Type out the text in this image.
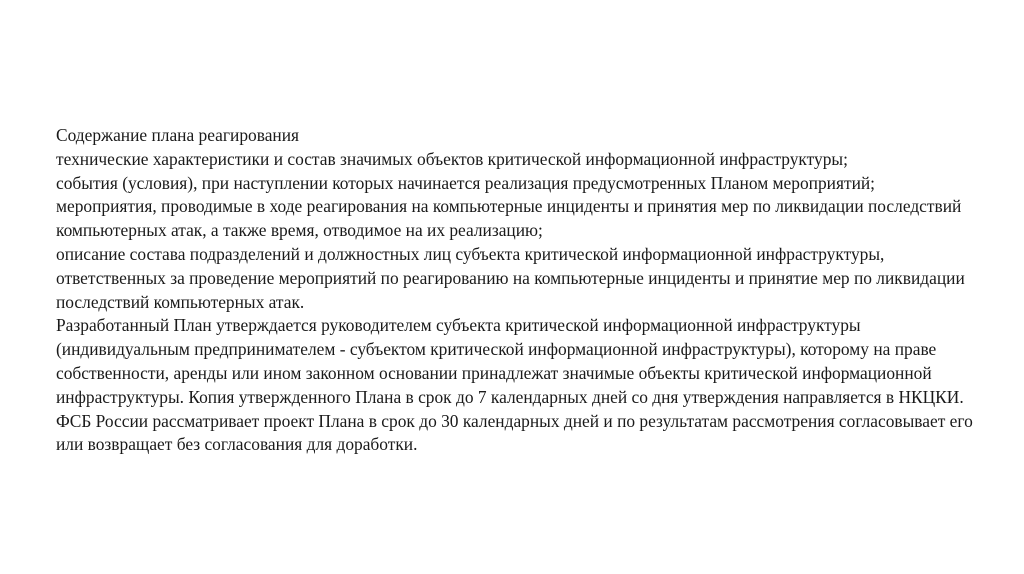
Содержание плана реагирования

технические характеристики и состав значимых объектов критической информационной инфраструктуры;

события (условия), при наступлении которых начинается реализация предусмотренных Планом мероприятий;

мероприятия, проводимые в ходе реагирования на компьютерные инциденты и принятия мер по ликвидации последствий компьютерных атак, а также время, отводимое на их реализацию;

описание состава подразделений и должностных лиц субъекта критической информационной инфраструктуры, ответственных за проведение мероприятий по реагированию на компьютерные инциденты и принятие мер по ликвидации последствий компьютерных атак.

Разработанный План утверждается руководителем субъекта критической информационной инфраструктуры (индивидуальным предпринимателем - субъектом критической информационной инфраструктуры), которому на праве собственности, аренды или ином законном основании принадлежат значимые объекты критической информационной инфраструктуры. Копия утвержденного Плана в срок до 7 календарных дней со дня утверждения направляется в НКЦКИ.

ФСБ России рассматривает проект Плана в срок до 30 календарных дней и по результатам рассмотрения согласовывает его или возвращает без согласования для доработки.
